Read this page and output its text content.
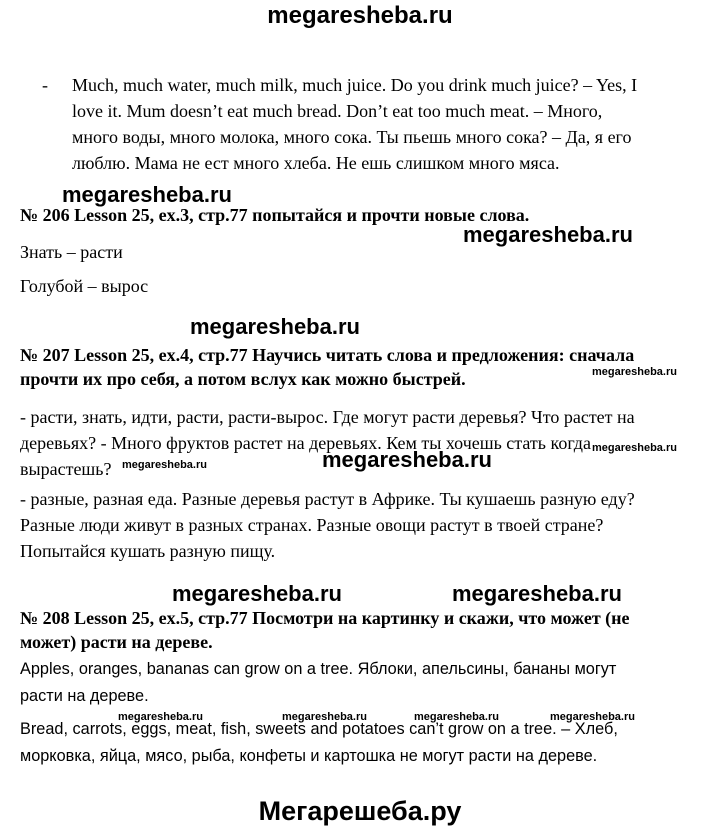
megaresheba.ru
- Much, much water, much milk, much juice. Do you drink much juice? – Yes, I
love it. Mum doesn’t eat much bread. Don’t eat too much meat. – Много,
много воды, много молока, много сока. Ты пьешь много сока? – Да, я его
люблю. Мама не ест много хлеба. Не ешь слишком много мяса.
megaresheba.ru
№ 206 Lesson 25, ex.3, стр.77 попытайся и прочти новые слова.
megaresheba.ru
Знать – расти
Голубой – вырос
megaresheba.ru
№ 207 Lesson 25, ex.4, стр.77 Научись читать слова и предложения: сначала
прочти их про себя, а потом вслух как можно быстрей.	megaresheba.ru
- расти, знать, идти, расти, расти-вырос. Где могут расти деревья? Что растет на
деревьях? - Много фруктов растет на деревьях. Кем ты хочешь стать когда
вырастешь? megaresheba.ru	megaresheba.ru	megaresheba.ru
- разные, разная еда. Разные деревья растут в Африке. Ты кушаешь разную еду?
Разные люди живут в разных странах. Разные овощи растут в твоей стране?
Попытайся кушать разную пищу.
megaresheba.ru	megaresheba.ru
№ 208 Lesson 25, ex.5, стр.77 Посмотри на картинку и скажи, что может (не
может) расти на дереве.
Apples, oranges, bananas can grow on a tree. Яблоки, апельсины, бананы могут
расти на дереве.
megaresheba.ru	megaresheba.ru	megaresheba.ru	megaresheba.ru
Bread, carrots, eggs, meat, fish, sweets and potatoes can’t grow on a tree. – Хлеб,
морковка, яйца, мясо, рыба, конфеты и картошка не могут расти на дереве.
Мегарешеба.ру
